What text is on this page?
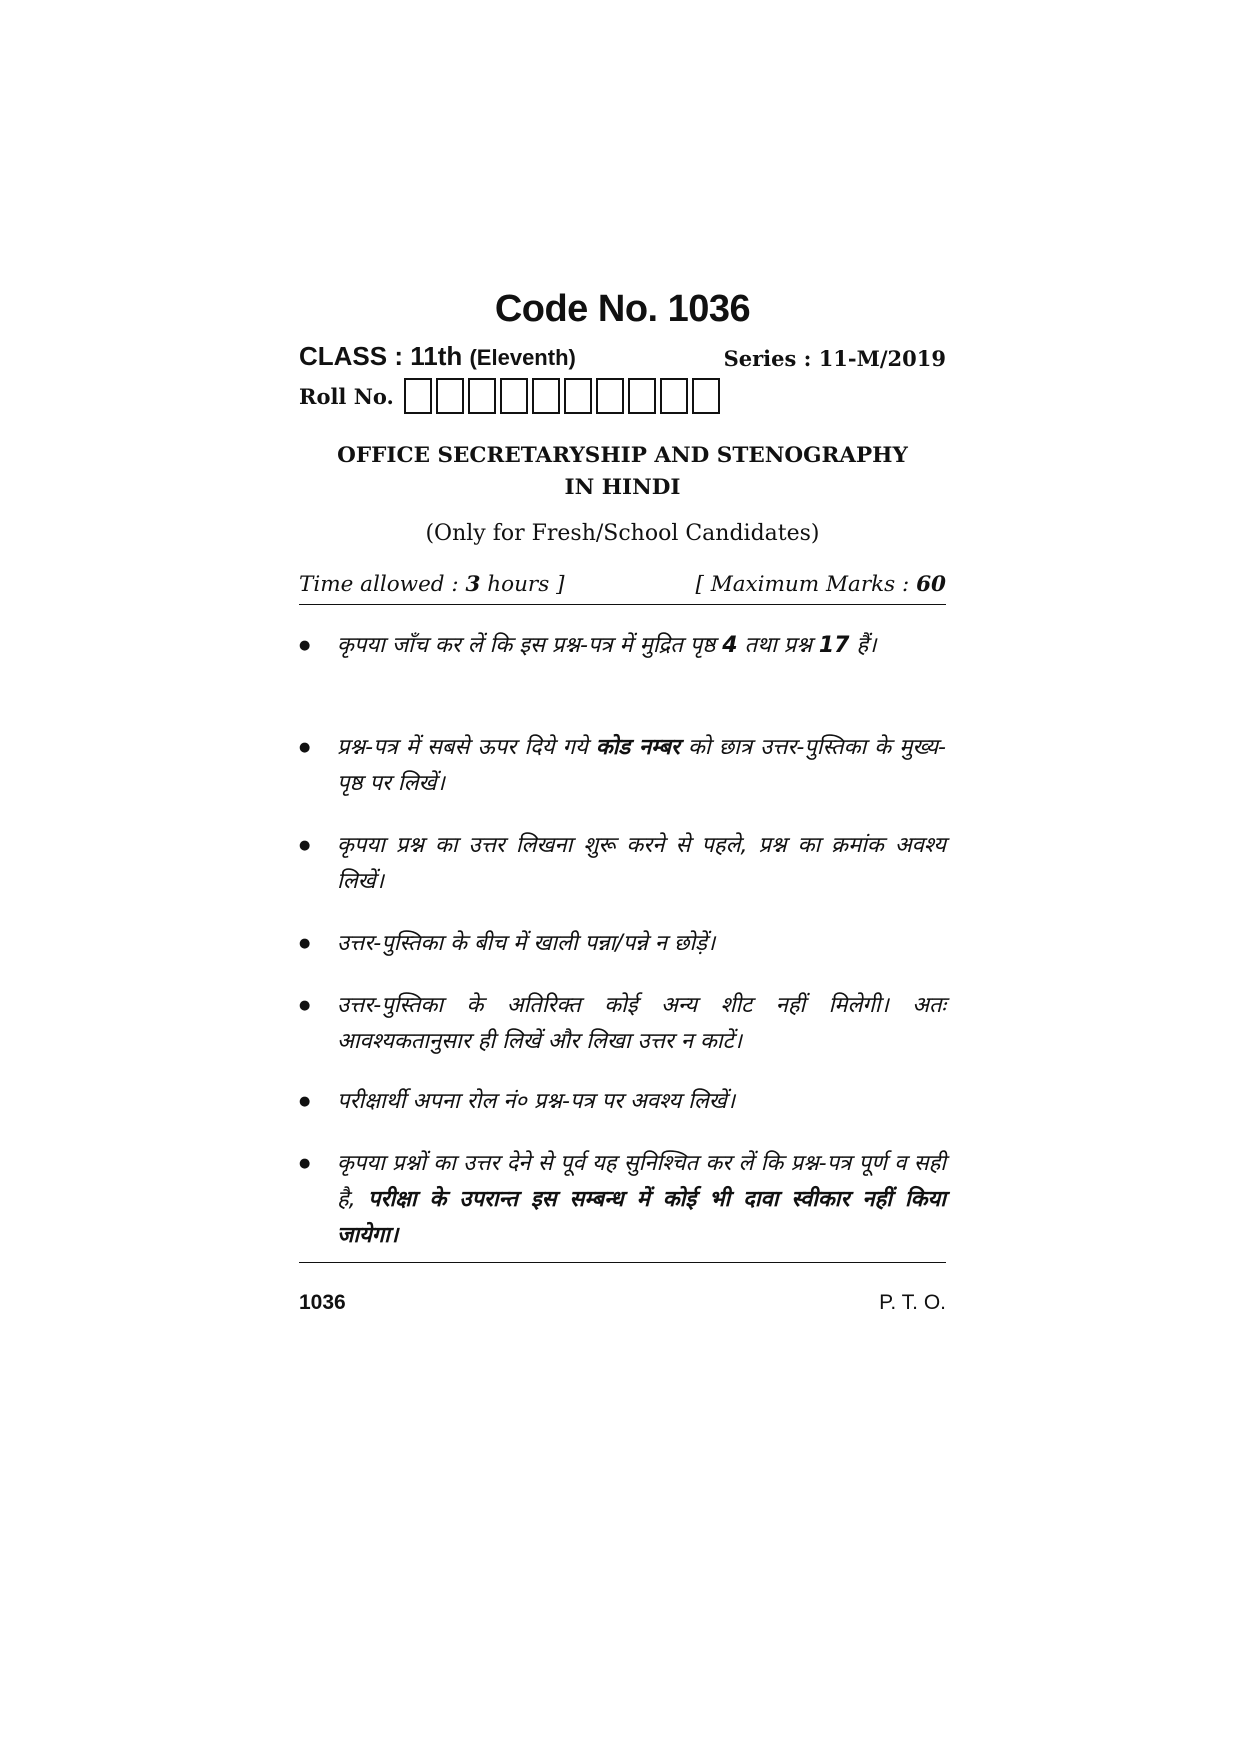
Code No. 1036
CLASS : 11th (Eleventh)	Series : 11-M/2019
Roll No.
OFFICE SECRETARYSHIP AND STENOGRAPHY
IN HINDI
(Only for Fresh/School Candidates)
Time allowed : 3 hours ]	[ Maximum Marks : 60
● कृपया जाँच कर लें कि इस प्रश्न-पत्र में मुद्रित पृष्ठ 4 तथा प्रश्न 17 हैं।
● प्रश्न-पत्र में सबसे ऊपर दिये गये कोड नम्बर को छात्र उत्तर-पुस्तिका के मुख्य-पृष्ठ पर लिखें।
● कृपया प्रश्न का उत्तर लिखना शुरू करने से पहले, प्रश्न का क्रमांक अवश्य लिखें।
● उत्तर-पुस्तिका के बीच में खाली पन्ना/पन्ने न छोड़ें।
● उत्तर-पुस्तिका के अतिरिक्त कोई अन्य शीट नहीं मिलेगी। अतः आवश्यकतानुसार ही लिखें और लिखा उत्तर न काटें।
● परीक्षार्थी अपना रोल नं० प्रश्न-पत्र पर अवश्य लिखें।
● कृपया प्रश्नों का उत्तर देने से पूर्व यह सुनिश्चित कर लें कि प्रश्न-पत्र पूर्ण व सही है, परीक्षा के उपरान्त इस सम्बन्ध में कोई भी दावा स्वीकार नहीं किया जायेगा।
1036	P. T. O.
